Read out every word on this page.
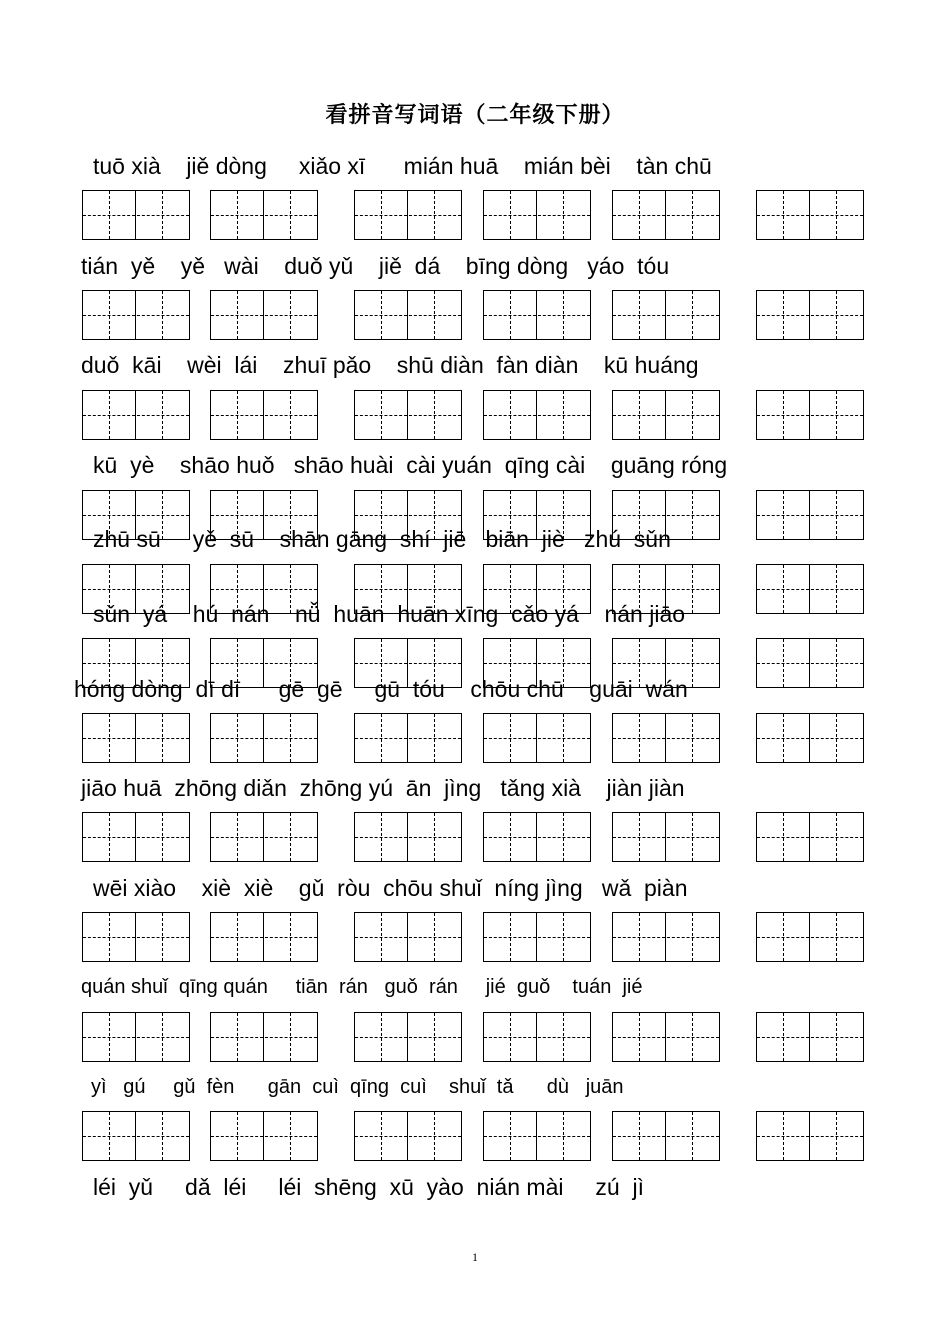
看拼音写词语（二年级下册）
tuō xià    jiě dòng     xiǎo xī      mián huā    mián bèi    tàn chū
tián  yě    yě   wài    duǒ yǔ    jiě  dá    bīng dòng   yáo  tóu
duǒ  kāi    wèi  lái    zhuī pǎo    shū diàn  fàn diàn    kū huáng
kū  yè    shāo huǒ   shāo huài  cài yuán  qīng cài    guāng róng
zhū sū     yě  sū    shān gāng  shí  jiē   biān  jiè   zhú  sǔn
sǔn  yá    hú  nán    nǚ  huān  huān xīng  cǎo yá    nán jiāo
hóng dòng  dī dī      gē  gē     gū  tóu    chōu chū    guāi  wán
jiāo huā  zhōng diǎn  zhōng yú  ān  jìng   tǎng xià    jiàn jiàn
wēi xiào    xiè  xiè    gǔ  ròu  chōu shuǐ  níng jìng   wǎ  piàn
quán shuǐ  qīng quán     tiān  rán   guǒ  rán     jié  guǒ    tuán  jié
yì   gú     gǔ  fèn      gān  cuì  qīng  cuì    shuǐ  tǎ      dù   juān
léi  yǔ     dǎ  léi     léi  shēng  xū  yào  nián mài     zú  jì
1
